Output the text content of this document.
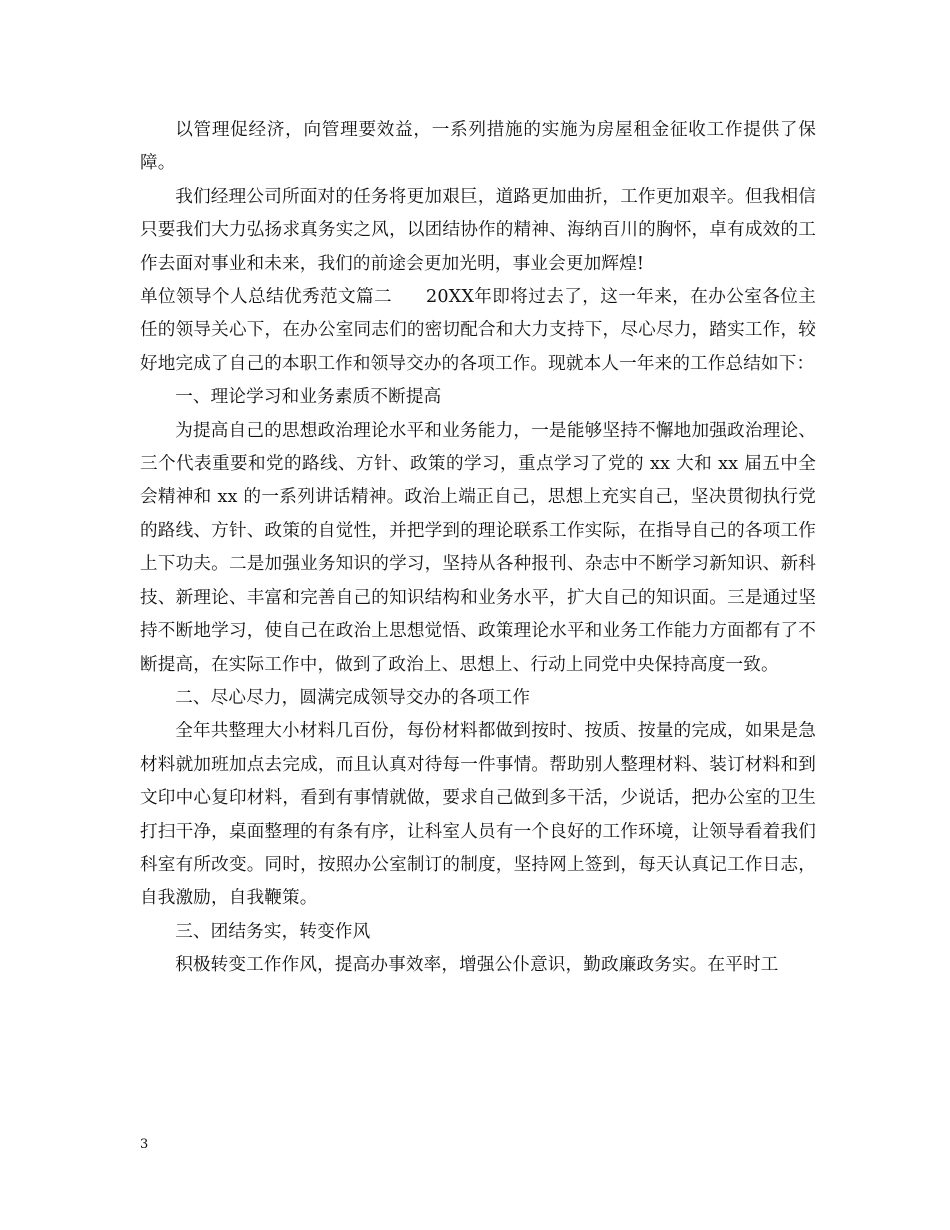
以管理促经济，向管理要效益，一系列措施的实施为房屋租金征收工作提供了保障。

我们经理公司所面对的任务将更加艰巨，道路更加曲折，工作更加艰辛。但我相信只要我们大力弘扬求真务实之风，以团结协作的精神、海纳百川的胸怀，卓有成效的工作去面对事业和未来，我们的前途会更加光明，事业会更加辉煌!

单位领导个人总结优秀范文篇二 20XX年即将过去了，这一年来，在办公室各位主任的领导关心下，在办公室同志们的密切配合和大力支持下，尽心尽力，踏实工作，较好地完成了自己的本职工作和领导交办的各项工作。现就本人一年来的工作总结如下：

一、理论学习和业务素质不断提高

为提高自己的思想政治理论水平和业务能力，一是能够坚持不懈地加强政治理论、三个代表重要和党的路线、方针、政策的学习，重点学习了党的 xx 大和 xx 届五中全会精神和 xx 的一系列讲话精神。政治上端正自己，思想上充实自己，坚决贯彻执行党的路线、方针、政策的自觉性，并把学到的理论联系工作实际，在指导自己的各项工作上下功夫。二是加强业务知识的学习，坚持从各种报刊、杂志中不断学习新知识、新科技、新理论、丰富和完善自己的知识结构和业务水平，扩大自己的知识面。三是通过坚持不断地学习，使自己在政治上思想觉悟、政策理论水平和业务工作能力方面都有了不断提高，在实际工作中，做到了政治上、思想上、行动上同党中央保持高度一致。

二、尽心尽力，圆满完成领导交办的各项工作

全年共整理大小材料几百份，每份材料都做到按时、按质、按量的完成，如果是急材料就加班加点去完成，而且认真对待每一件事情。帮助别人整理材料、装订材料和到文印中心复印材料，看到有事情就做，要求自己做到多干活，少说话，把办公室的卫生打扫干净，桌面整理的有条有序，让科室人员有一个良好的工作环境，让领导看着我们科室有所改变。同时，按照办公室制订的制度，坚持网上签到，每天认真记工作日志，自我激励，自我鞭策。

三、团结务实，转变作风

积极转变工作作风，提高办事效率，增强公仆意识，勤政廉政务实。在平时工

3
